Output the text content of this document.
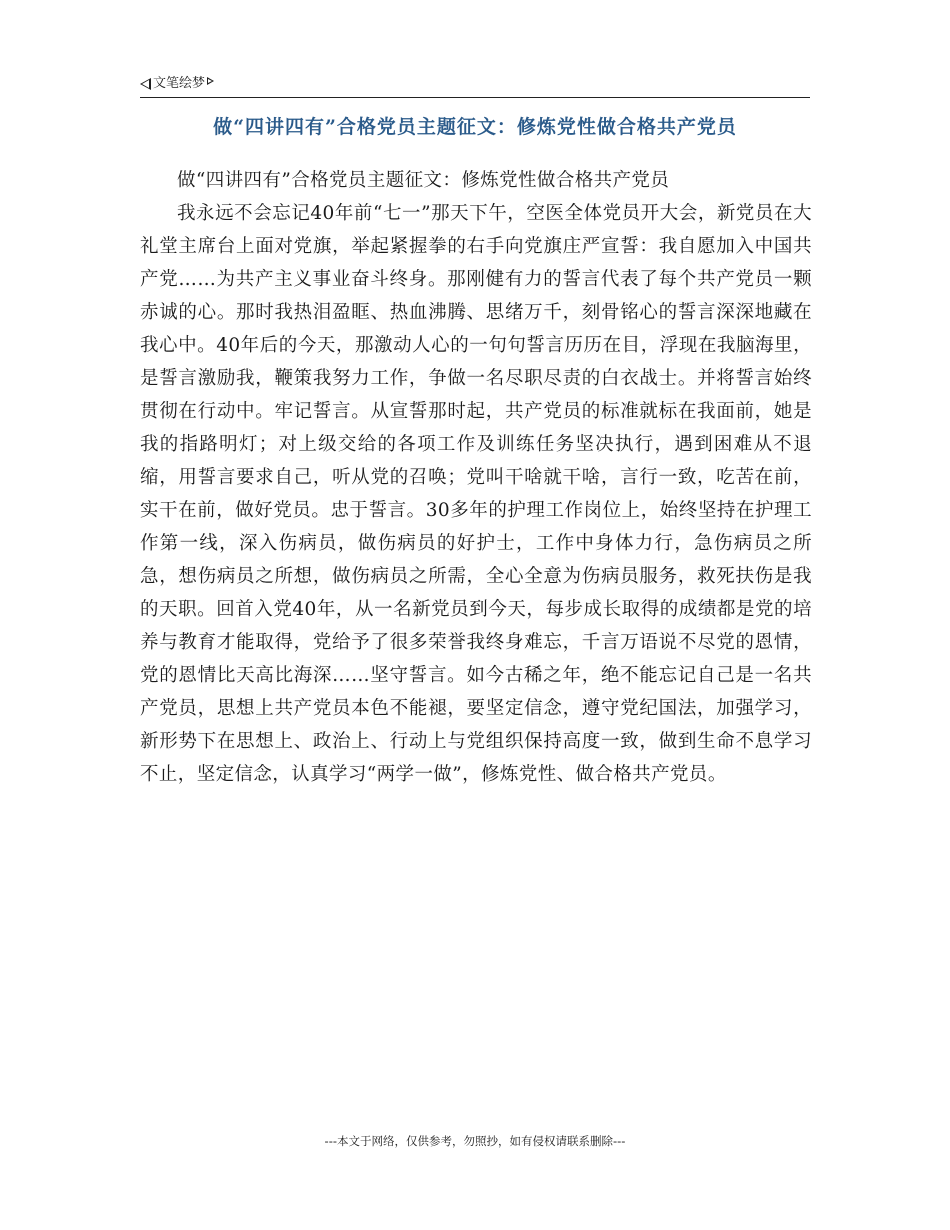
文笔绘梦
做“四讲四有”合格党员主题征文：修炼党性做合格共产党员

做“四讲四有”合格党员主题征文：修炼党性做合格共产党员

我永远不会忘记40年前“七一”那天下午，空医全体党员开大会，新党员在大礼堂主席台上面对党旗，举起紧握拳的右手向党旗庄严宣誓：我自愿加入中国共产党……为共产主义事业奋斗终身。那刚健有力的誓言代表了每个共产党员一颗赤诚的心。那时我热泪盈眶、热血沸腾、思绪万千，刻骨铭心的誓言深深地藏在我心中。40年后的今天，那激动人心的一句句誓言历历在目，浮现在我脑海里，是誓言激励我，鞭策我努力工作，争做一名尽职尽责的白衣战士。并将誓言始终贯彻在行动中。牢记誓言。从宣誓那时起，共产党员的标准就标在我面前，她是我的指路明灯；对上级交给的各项工作及训练任务坚决执行，遇到困难从不退缩，用誓言要求自己，听从党的召唤；党叫干啥就干啥，言行一致，吃苦在前，实干在前，做好党员。忠于誓言。30多年的护理工作岗位上，始终坚持在护理工作第一线，深入伤病员，做伤病员的好护士，工作中身体力行，急伤病员之所急，想伤病员之所想，做伤病员之所需，全心全意为伤病员服务，救死扶伤是我的天职。回首入党40年，从一名新党员到今天，每步成长取得的成绩都是党的培养与教育才能取得，党给予了很多荣誉我终身难忘，千言万语说不尽党的恩情，党的恩情比天高比海深……坚守誓言。如今古稀之年，绝不能忘记自己是一名共产党员，思想上共产党员本色不能褪，要坚定信念，遵守党纪国法，加强学习，新形势下在思想上、政治上、行动上与党组织保持高度一致，做到生命不息学习不止，坚定信念，认真学习“两学一做”，修炼党性、做合格共产党员。

---本文于网络，仅供参考，勿照抄，如有侵权请联系删除---
